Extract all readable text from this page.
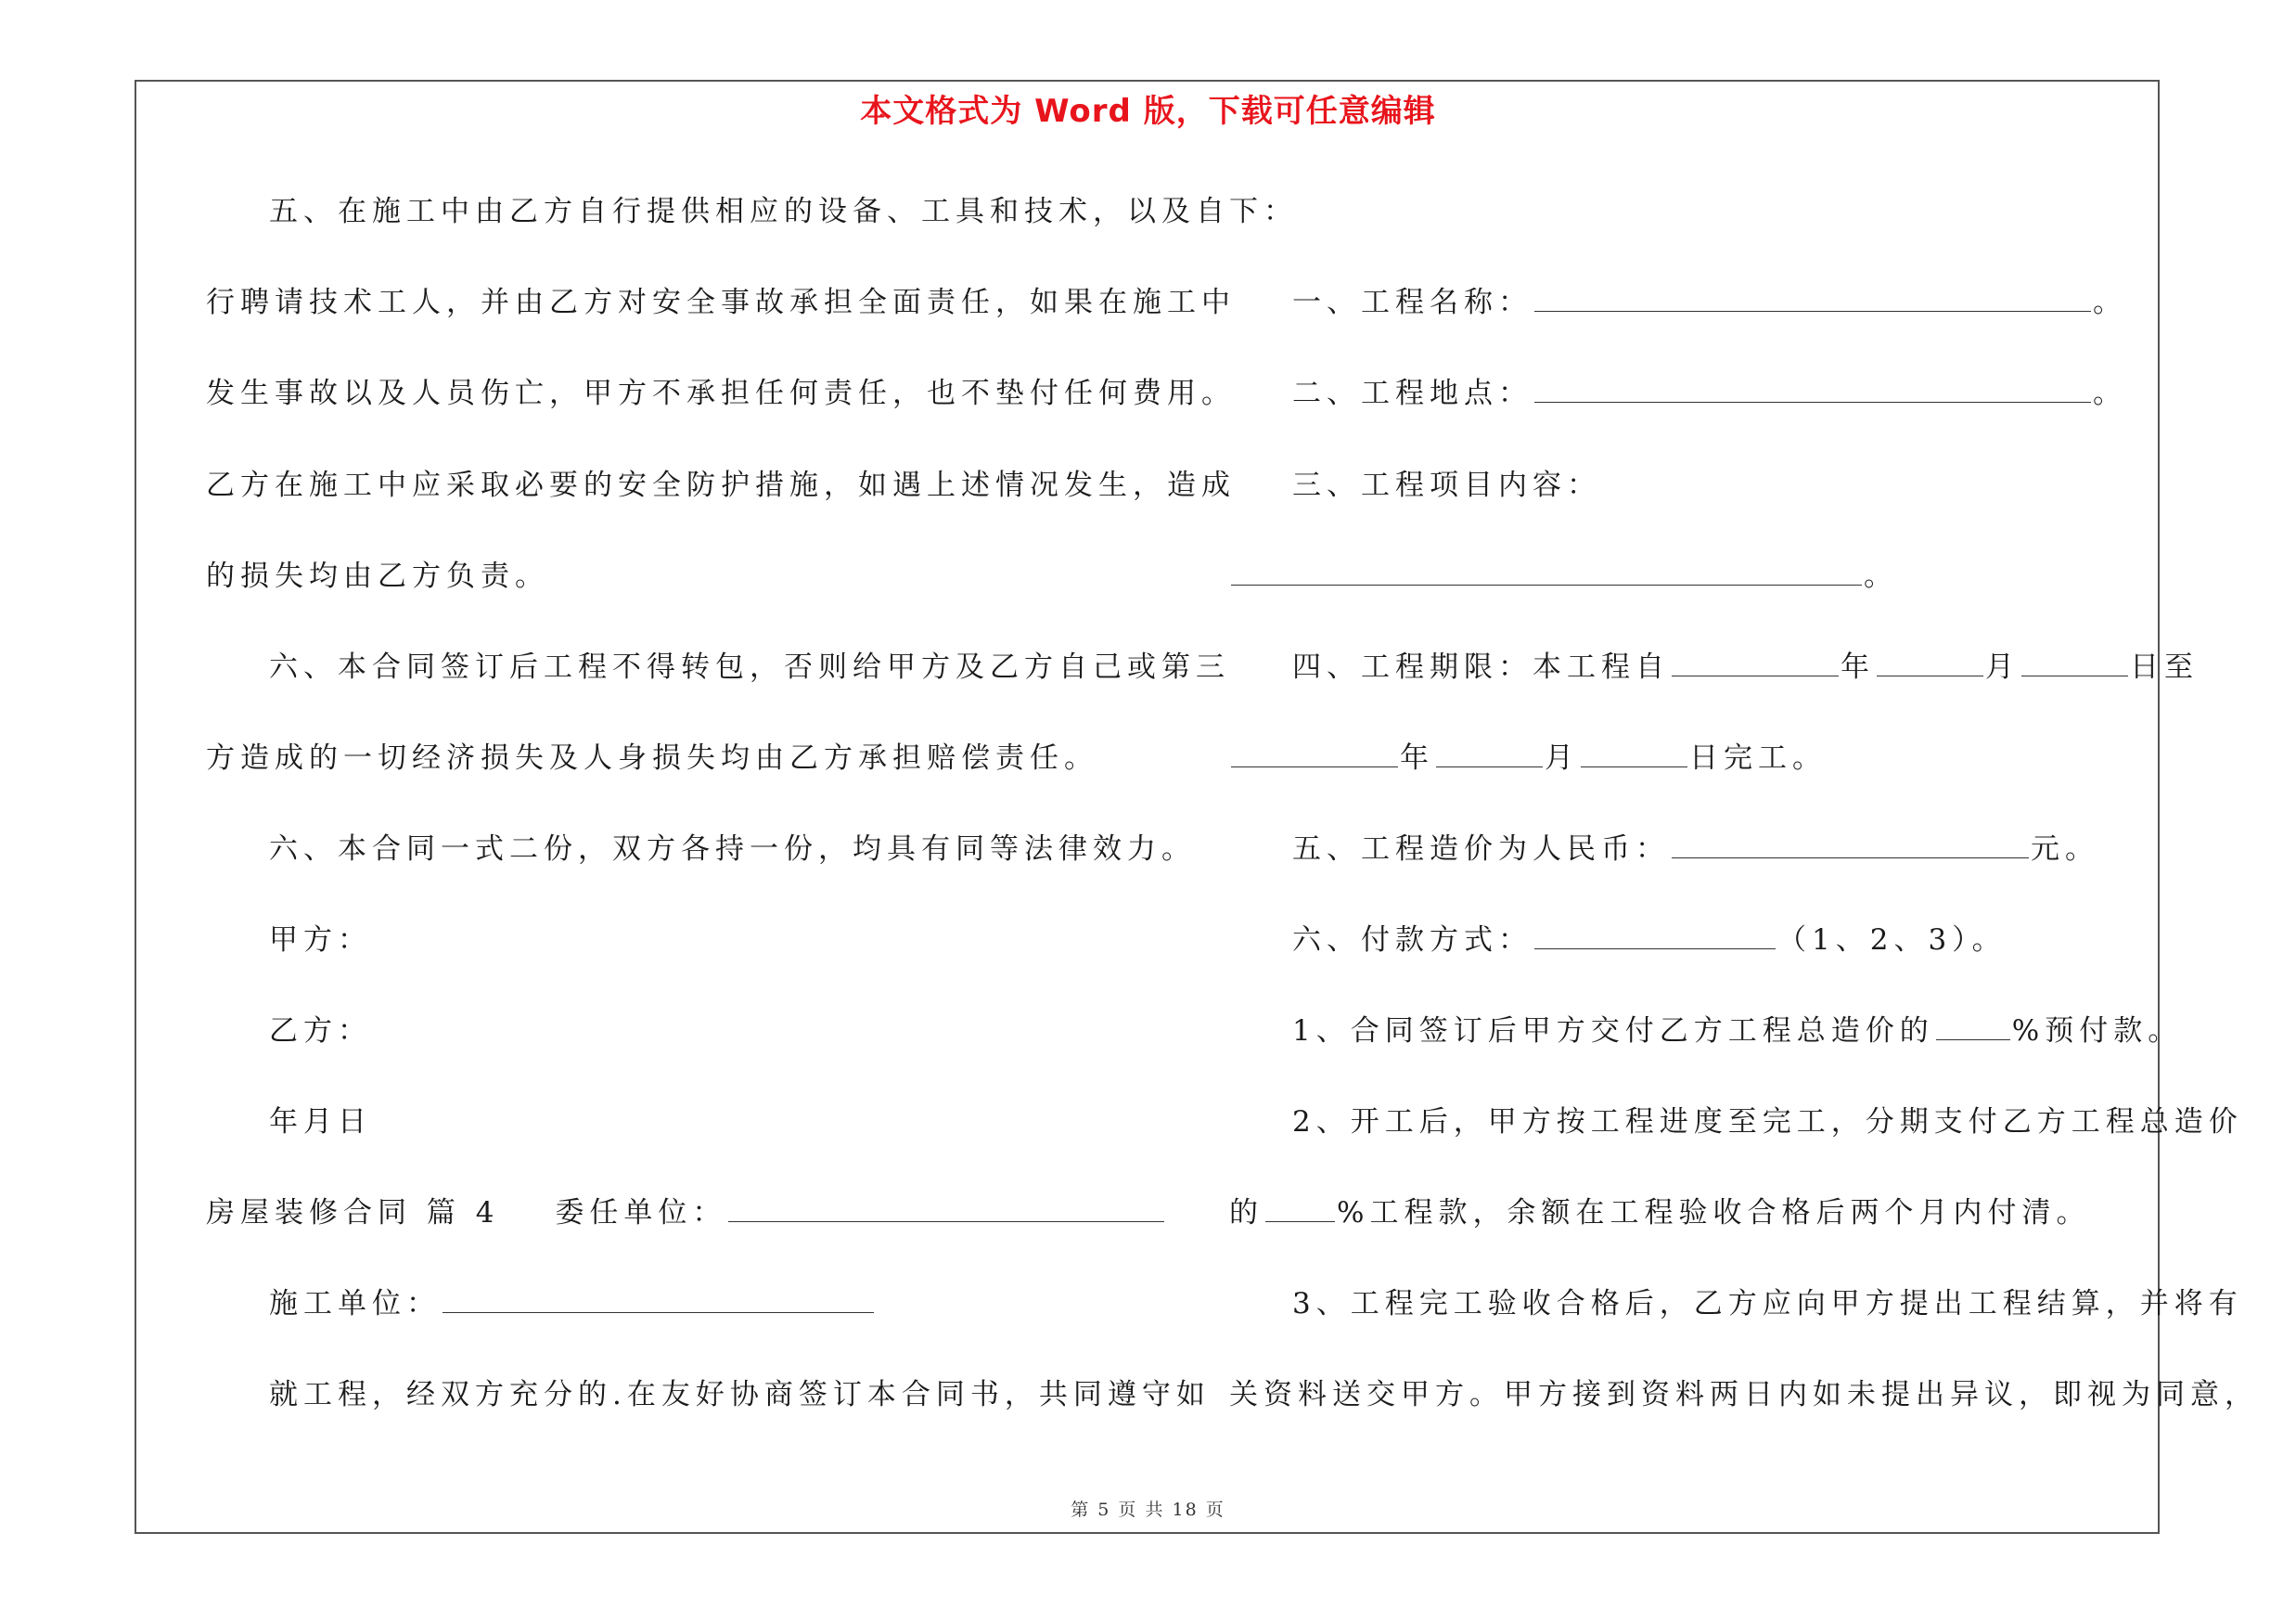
本文格式为 Word 版，下载可任意编辑
五、在施工中由乙方自行提供相应的设备、工具和技术，以及自
行聘请技术工人，并由乙方对安全事故承担全面责任，如果在施工中
发生事故以及人员伤亡，甲方不承担任何责任，也不垫付任何费用。
乙方在施工中应采取必要的安全防护措施，如遇上述情况发生，造成
的损失均由乙方负责。
六、本合同签订后工程不得转包，否则给甲方及乙方自己或第三
方造成的一切经济损失及人身损失均由乙方承担赔偿责任。
六、本合同一式二份，双方各持一份，均具有同等法律效力。
甲方：
乙方：
年月日
房屋装修合同 篇 4 委任单位：
施工单位：
就工程，经双方充分的.在友好协商签订本合同书，共同遵守如
下：
一、工程名称：	。
二、工程地点：	。
三、工程项目内容：
。
四、工程期限：本工程自	年	月	日至
年	月	日完工。
五、工程造价为人民币：	元。
六、付款方式：	（1、2、3）。
1、合同签订后甲方交付乙方工程总造价的	%预付款。
2、开工后，甲方按工程进度至完工，分期支付乙方工程总造价
的	%工程款，余额在工程验收合格后两个月内付清。
3、工程完工验收合格后，乙方应向甲方提出工程结算，并将有
关资料送交甲方。甲方接到资料两日内如未提出异议，即视为同意，
第 5 页 共 18 页
